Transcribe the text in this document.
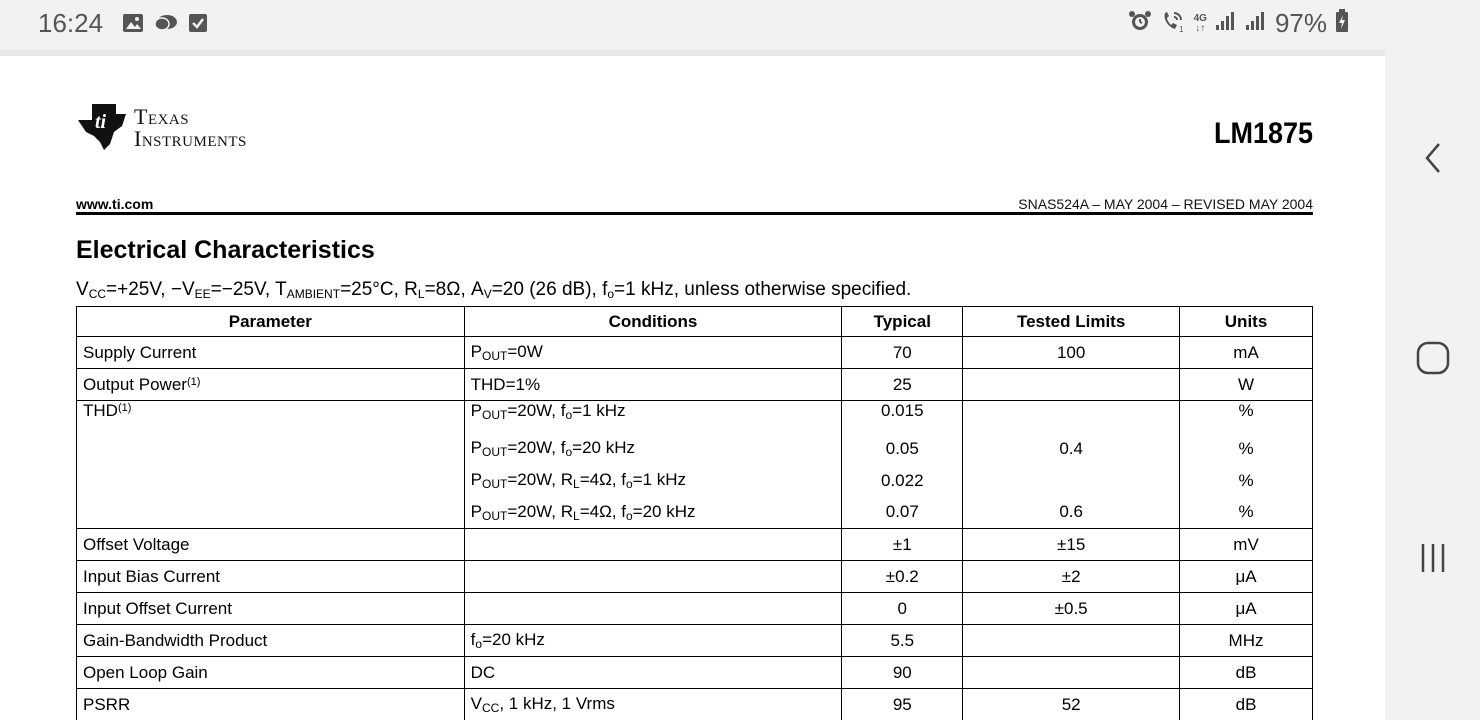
16:24	1
4G
↓↑	97%
ti Texas
Instruments	LM1875
www.ti.com	SNAS524A – MAY 2004 – REVISED MAY 2004
Electrical Characteristics
$V_{CC}=+25V$, $-V_{EE}=-25V$, $T_{AMBIENT}=25^\circ C$, $R_L=8\Omega$, $A_V=20$ (26 dB), $f_o=1$ kHz, unless otherwise specified.
Parameter	Conditions	Typical	Tested Limits	Units
Supply Current	$P_{OUT}=0W$	70	100	mA
Output Power$^{(1)}$	THD=1%	25		W
THD$^{(1)}$	$P_{OUT}=20W$, $f_o=1$ kHz	0.015		%
	$P_{OUT}=20W$, $f_o=20$ kHz	0.05	0.4	%
	$P_{OUT}=20W$, $R_L=4\Omega$, $f_o=1$ kHz	0.022		%
	$P_{OUT}=20W$, $R_L=4\Omega$, $f_o=20$ kHz	0.07	0.6	%
Offset Voltage		±1	±15	mV
Input Bias Current		±0.2	±2	μA
Input Offset Current		0	±0.5	μA
Gain-Bandwidth Product	$f_o=20$ kHz	5.5		MHz
Open Loop Gain	DC	90		dB
PSRR	$V_{CC}$, 1 kHz, 1 Vrms	95	52	dB
